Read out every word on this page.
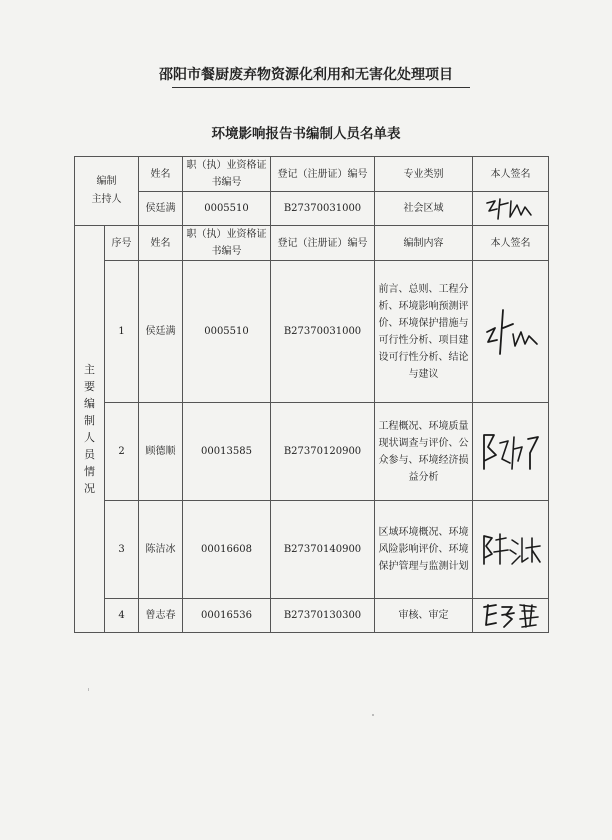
邵阳市餐厨废弃物资源化利用和无害化处理项目
环境影响报告书编制人员名单表
编制
主持人		姓名	职（执）业资格证书编号	登记（注册证）编号	专业类别	本人签名
		侯廷满	0005510	B27370031000	社会区域	

主要编制人员情况	序号	姓名	职（执）业资格证书编号	登记（注册证）编号	编制内容	本人签名
	1	侯廷满	0005510	B27370031000	前言、总则、工程分析、环境影响预测评价、环境保护措施与可行性分析、项目建设可行性分析、结论与建议	

	2	顾德顺	00013585	B27370120900	工程概况、环境质量现状调查与评价、公众参与、环境经济损益分析	

	3	陈洁冰	00016608	B27370140900	区域环境概况、环境风险影响评价、环境保护管理与监测计划	

	4	曾志春	00016536	B27370130300	审核、审定	
